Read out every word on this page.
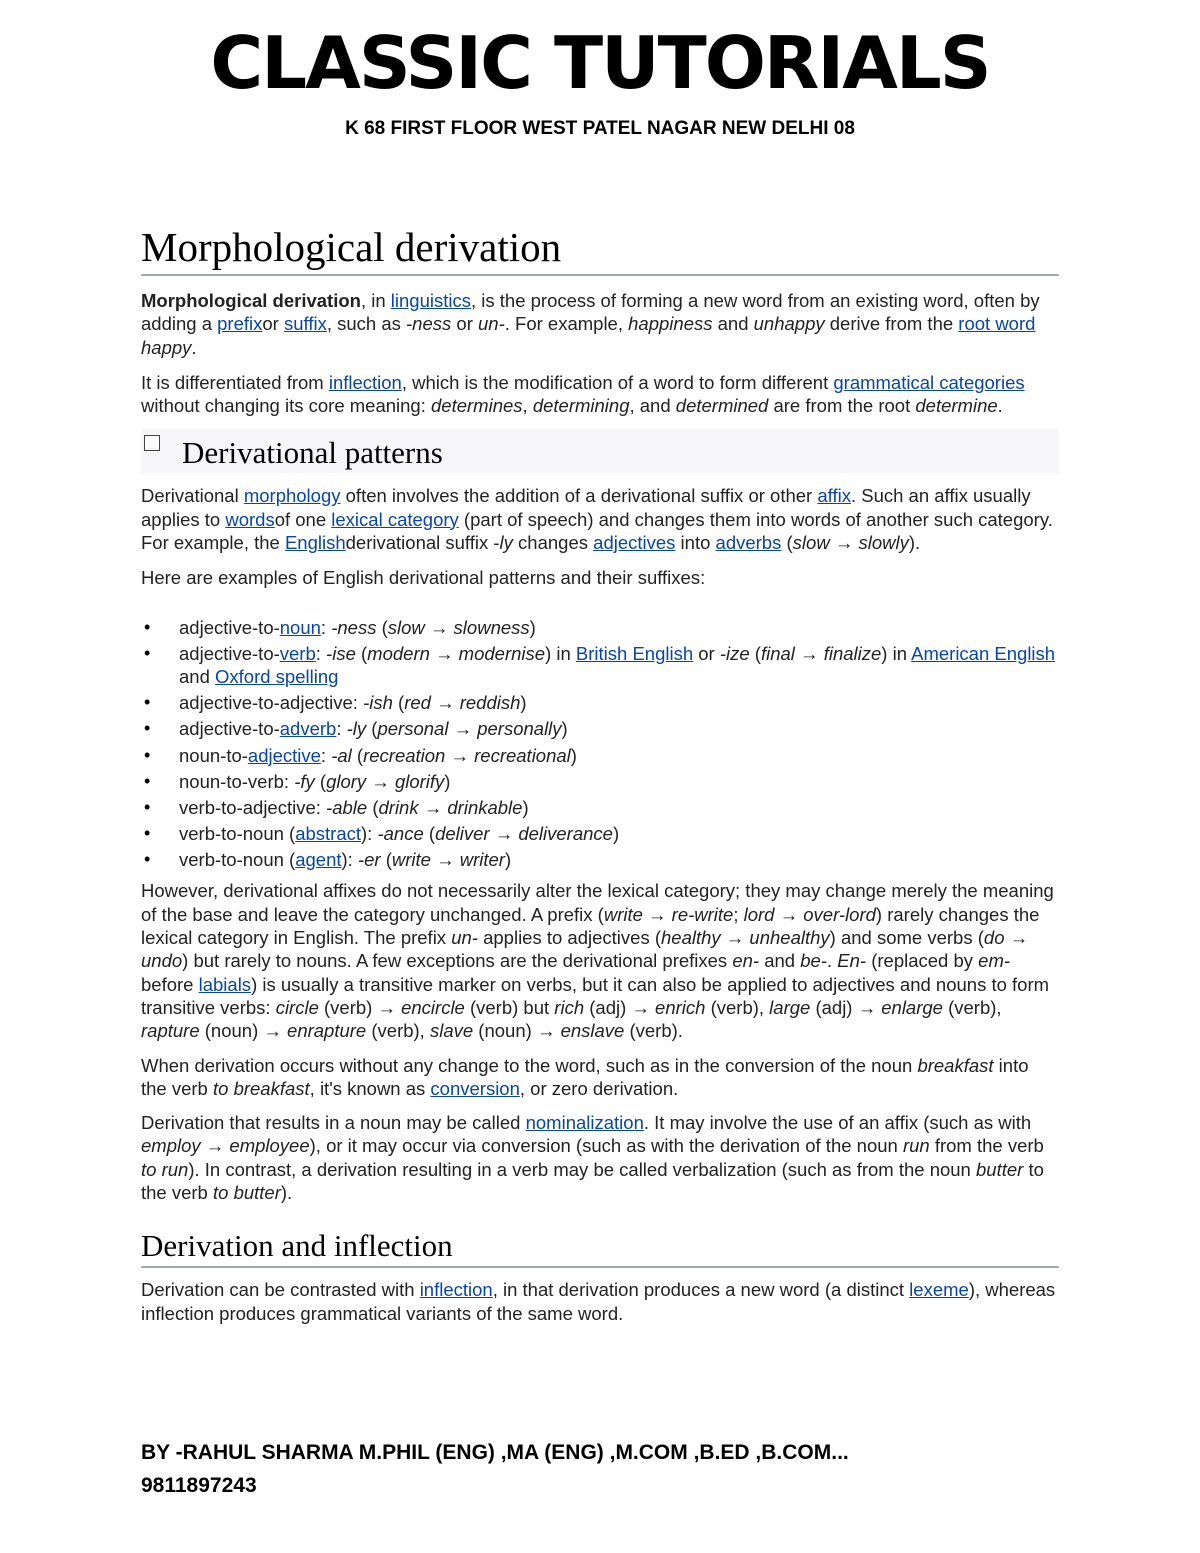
CLASSIC TUTORIALS
K 68 FIRST FLOOR WEST PATEL NAGAR NEW DELHI 08
Morphological derivation

Morphological derivation, in linguistics, is the process of forming a new word from an existing word, often by adding a prefixor suffix, such as -ness or un-. For example, happiness and unhappy derive from the root word happy.

It is differentiated from inflection, which is the modification of a word to form different grammatical categories without changing its core meaning: determines, determining, and determined are from the root determine.

Derivational patterns

Derivational morphology often involves the addition of a derivational suffix or other affix. Such an affix usually applies to wordsof one lexical category (part of speech) and changes them into words of another such category. For example, the Englishderivational suffix -ly changes adjectives into adverbs (slow → slowly).

Here are examples of English derivational patterns and their suffixes:

• adjective-to-noun: -ness (slow → slowness)
• adjective-to-verb: -ise (modern → modernise) in British English or -ize (final → finalize) in American English and Oxford spelling
• adjective-to-adjective: -ish (red → reddish)
• adjective-to-adverb: -ly (personal → personally)
• noun-to-adjective: -al (recreation → recreational)
• noun-to-verb: -fy (glory → glorify)
• verb-to-adjective: -able (drink → drinkable)
• verb-to-noun (abstract): -ance (deliver → deliverance)
• verb-to-noun (agent): -er (write → writer)

However, derivational affixes do not necessarily alter the lexical category; they may change merely the meaning of the base and leave the category unchanged. A prefix (write → re-write; lord → over-lord) rarely changes the lexical category in English. The prefix un- applies to adjectives (healthy → unhealthy) and some verbs (do → undo) but rarely to nouns. A few exceptions are the derivational prefixes en- and be-. En- (replaced by em- before labials) is usually a transitive marker on verbs, but it can also be applied to adjectives and nouns to form transitive verbs: circle (verb) → encircle (verb) but rich (adj) → enrich (verb), large (adj) → enlarge (verb), rapture (noun) → enrapture (verb), slave (noun) → enslave (verb).

When derivation occurs without any change to the word, such as in the conversion of the noun breakfast into the verb to breakfast, it's known as conversion, or zero derivation.

Derivation that results in a noun may be called nominalization. It may involve the use of an affix (such as with employ → employee), or it may occur via conversion (such as with the derivation of the noun run from the verb to run). In contrast, a derivation resulting in a verb may be called verbalization (such as from the noun butter to the verb to butter).

Derivation and inflection

Derivation can be contrasted with inflection, in that derivation produces a new word (a distinct lexeme), whereas inflection produces grammatical variants of the same word.

BY -RAHUL SHARMA M.PHIL (ENG) ,MA (ENG) ,M.COM ,B.ED ,B.COM...
9811897243
